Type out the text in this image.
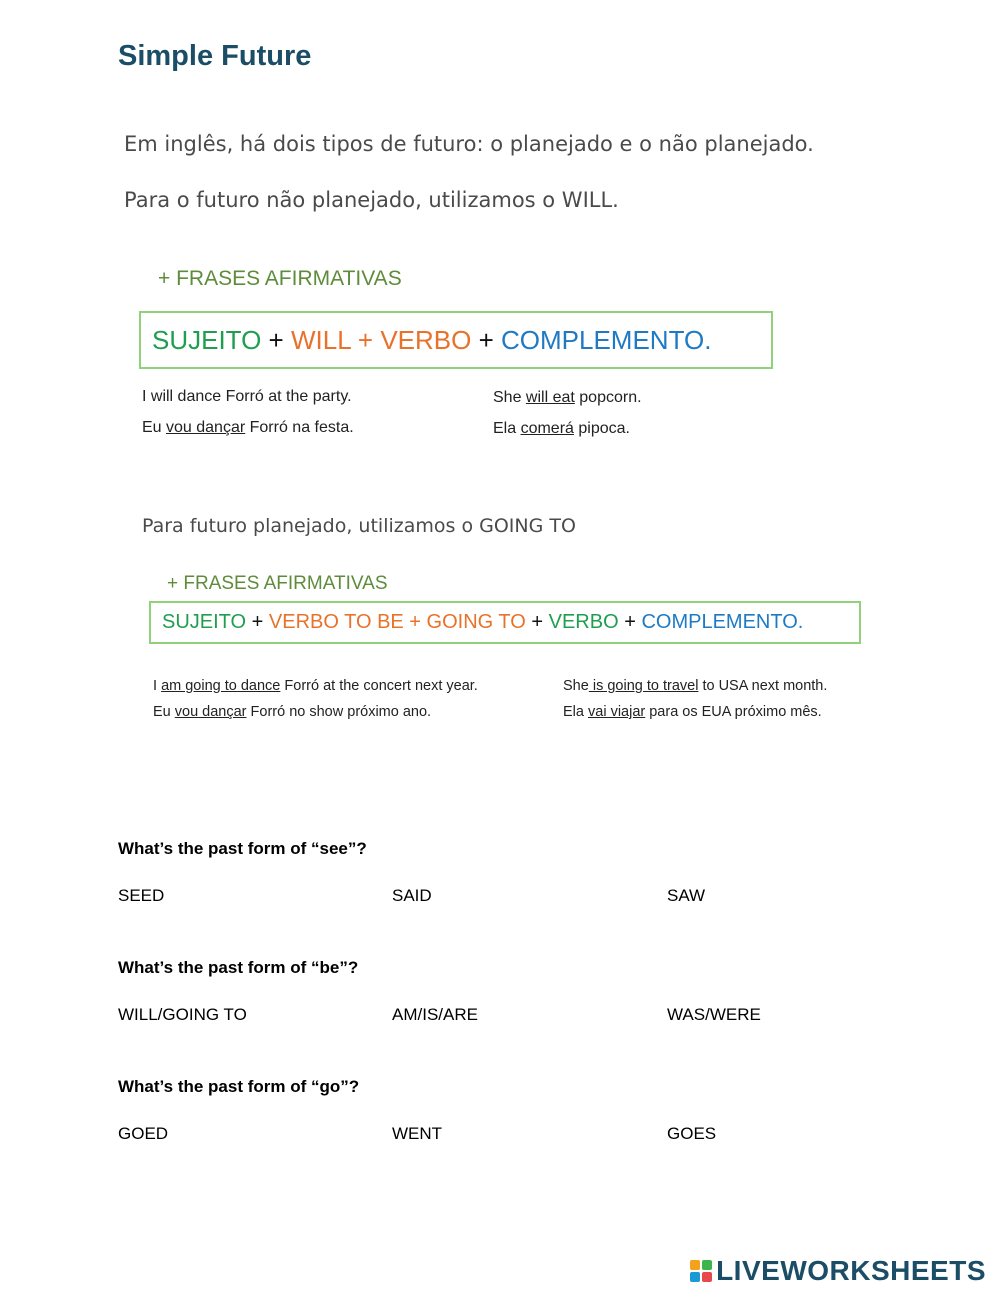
Simple Future
Em inglês, há dois tipos de futuro: o planejado e o não planejado.
Para o futuro não planejado, utilizamos o WILL.
+ FRASES AFIRMATIVAS
SUJEITO + WILL + VERBO + COMPLEMENTO.
I will dance Forró at the party.
Eu vou dançar Forró na festa.
She will eat popcorn.
Ela comerá pipoca.
Para futuro planejado, utilizamos o GOING TO
+ FRASES AFIRMATIVAS
SUJEITO + VERBO TO BE + GOING TO + VERBO + COMPLEMENTO.
I am going to dance Forró at the concert next year.
Eu vou dançar Forró no show próximo ano.
She is going to travel to USA next month.
Ela vai viajar para os EUA próximo mês.
What’s the past form of “see”?
SEED	SAID	SAW
What’s the past form of “be”?
WILL/GOING TO	AM/IS/ARE	WAS/WERE
What’s the past form of “go”?
GOED	WENT	GOES
LIVEWORKSHEETS
